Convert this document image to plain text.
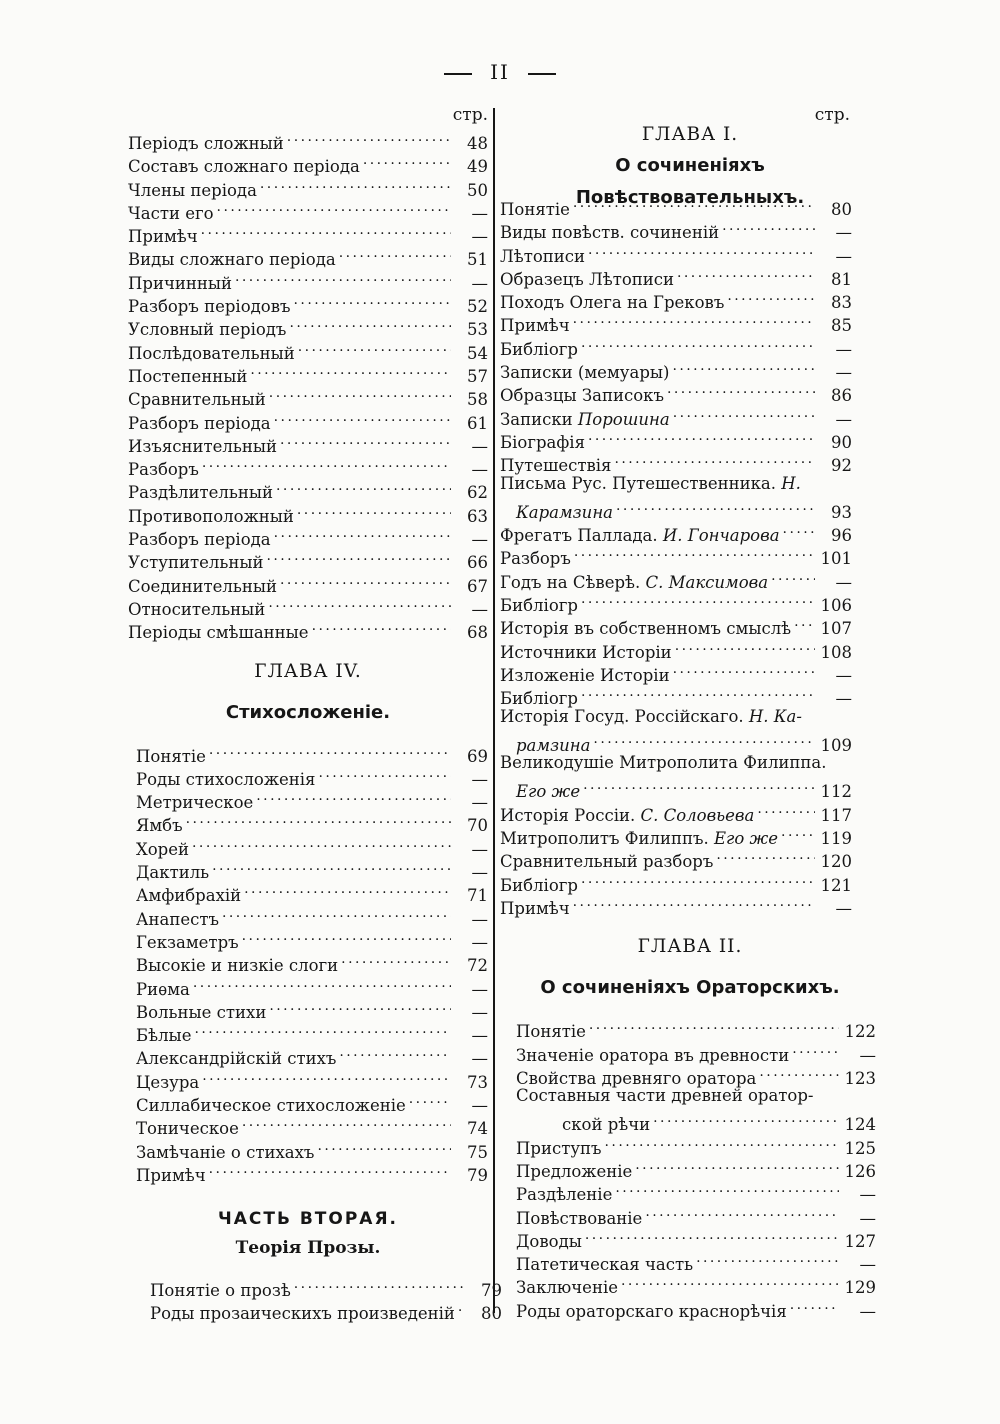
II
стр.
Періодъ сложный . . .	48
Составъ сложнаго періода . . .	49
Члены періода . . .	50
Части его . . .	—
Примѣч . . .	—
Виды сложнаго періода . . .	51
Причинный . . .	—
Разборъ періодовъ . . .	52
Условный періодъ . . .	53
Послѣдовательный . . .	54
Постепенный . . .	57
Сравнительный . . .	58
Разборъ періода . . .	61
Изъяснительный . . .	—
Разборъ . . .	—
Раздѣлительный . . .	62
Противоположный . . .	63
Разборъ періода . . .	—
Уступительный . . .	66
Соединительный . . .	67
Относительный . . .	—
Періоды смѣшанные . . .	68
ГЛАВА IV.
Стихосложеніе.
Понятіе . . .	69
Роды стихосложенія . . .	—
Метрическое . . .	—
Ямбъ . . .	70
Хорей . . .	—
Дактиль . . .	—
Амфибрахій . . .	71
Анапестъ . . .	—
Гекзаметръ . . .	—
Высокіе и низкіе слоги . . .	72
Риѳма . . .	—
Вольные стихи . . .	—
Бѣлые . . .	—
Александрійскій стихъ . . .	—
Цезура . . .	73
Силлабическое стихосложеніе . . .	—
Тоническое . . .	74
Замѣчаніе о стихахъ . . .	75
Примѣч . . .	79
ЧАСТЬ ВТОРАЯ.
Теорія Прозы.
Понятіе о прозѣ . . .	79
Роды прозаическихъ произведеній . . .	80
стр.
ГЛАВА I.
О сочиненіяхъ Повѣствовательныхъ.
Понятіе . . .	80
Виды повѣств. сочиненій . . .	—
Лѣтописи . . .	—
Образецъ Лѣтописи . . .	81
Походъ Олега на Грековъ . . .	83
Примѣч . . .	85
Библіогр . . .	—
Записки (мемуары) . . .	—
Образцы Записокъ . . .	86
Записки Порошина . . .	—
Біографія . . .	90
Путешествія . . .	92
Письма Рус. Путешественника. Н.
Карамзина . . .	93
Фрегатъ Паллада. И. Гончарова . . .	96
Разборъ . . .	101
Годъ на Сѣверѣ. С. Максимова . . .	—
Библіогр . . .	106
Исторія въ собственномъ смыслѣ . . . 107
Источники Исторіи . . .	108
Изложеніе Исторіи . . .	—
Библіогр . . .	—
Исторія Госуд. Россійскаго. Н. Ка-
рамзина . . .	109
Великодушіе Митрополита Филиппа.
Его же . . .	112
Исторія Россіи. С. Соловьева . . .	117
Митрополитъ Филиппъ. Его же . . .	119
Сравнительный разборъ . . .	120
Библіогр . . .	121
Примѣч . . .	—
ГЛАВА II.
О сочиненіяхъ Ораторскихъ.
Понятіе . . .	122
Значеніе оратора въ древности . . .	—
Свойства древняго оратора . . .	123
Составныя части древней оратор-
ской рѣчи . . .	124
Приступъ . . .	125
Предложеніе . . .	126
Раздѣленіе . . .	—
Повѣствованіе . . .	—
Доводы . . .	127
Патетическая часть . . .	—
Заключеніе . . .	129
Роды ораторскаго краснорѣчія . . .	—
